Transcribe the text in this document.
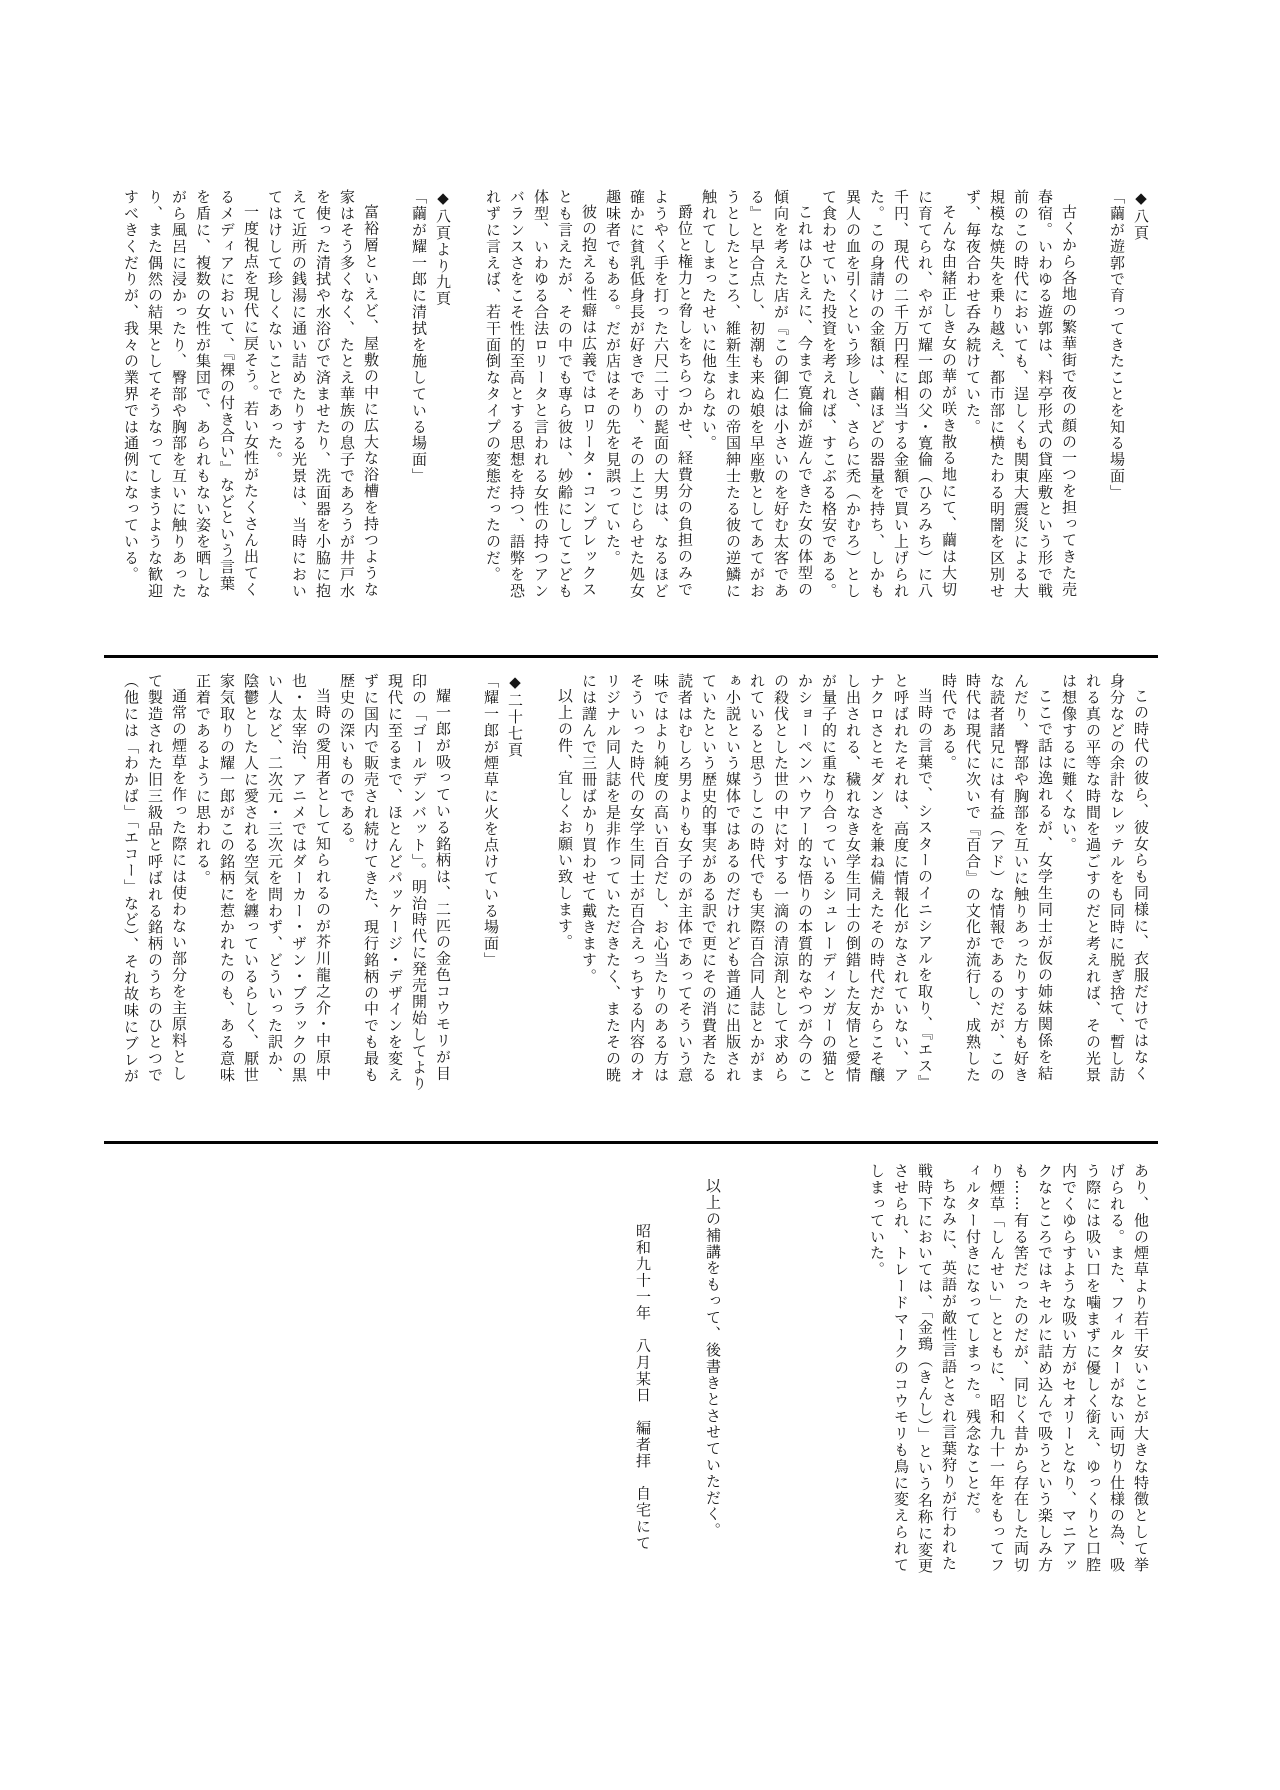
◆八頁
「繭が遊郭で育ってきたことを知る場面」

古くから各地の繁華街で夜の顔の一つを担ってきた売春宿。いわゆる遊郭は、料亭形式の貸座敷という形で戦前のこの時代においても、逞しくも関東大震災による大規模な焼失を乗り越え、都市部に横たわる明闇を区別せず、毎夜合わせ呑み続けていた。

そんな由緒正しき女の華が咲き散る地にて、繭は大切に育てられ、やがて耀一郎の父・寛倫（ひろみち）に八千円、現代の二千万円程に相当する金額で買い上げられた。この身請けの金額は、繭ほどの器量を持ち、しかも異人の血を引くという珍しさ、さらに禿（かむろ）として食わせていた投資を考えれば、すこぶる格安である。

これはひとえに、今まで寛倫が遊んできた女の体型の傾向を考えた店が『この御仁は小さいのを好む太客である』と早合点し、初潮も来ぬ娘を早座敷としてあてがおうとしたところ、維新生まれの帝国紳士たる彼の逆鱗に触れてしまったせいに他ならない。

爵位と権力と脅しをちらつかせ、経費分の負担のみでようやく手を打った六尺二寸の髭面の大男は、なるほど確かに貧乳低身長が好きであり、その上こじらせた処女趣味者でもある。だが店はその先を見誤っていた。

彼の抱える性癖は広義ではロリータ・コンプレックスとも言えたが、その中でも専ら彼は、妙齢にしてこども体型、いわゆる合法ロリータと言われる女性の持つアンバランスさをこそ性的至高とする思想を持つ、語弊を恐れずに言えば、若干面倒なタイプの変態だったのだ。

◆八頁より九頁
「繭が耀一郎に清拭を施している場面」

富裕層といえど、屋敷の中に広大な浴槽を持つような家はそう多くなく、たとえ華族の息子であろうが井戸水を使った清拭や水浴びで済ませたり、洗面器を小脇に抱えて近所の銭湯に通い詰めたりする光景は、当時においてはけして珍しくないことであった。

一度視点を現代に戻そう。若い女性がたくさん出てくるメディアにおいて、『裸の付き合い』などという言葉を盾に、複数の女性が集団で、あられもない姿を晒しながら風呂に浸かったり、臀部や胸部を互いに触りあったり、また偶然の結果としてそうなってしまうような歓迎すべきくだりが、我々の業界では通例になっている。

この時代の彼ら、彼女らも同様に、衣服だけではなく身分などの余計なレッテルをも同時に脱ぎ捨て、暫し訪れる真の平等な時間を過ごすのだと考えれば、その光景は想像するに難くない。

ここで話は逸れるが、女学生同士が仮の姉妹関係を結んだり、臀部や胸部を互いに触りあったりする方も好きな読者諸兄には有益（アド）な情報であるのだが、この時代は現代に次いで『百合』の文化が流行し、成熟した時代である。

当時の言葉で、シスターのイニシアルを取り、『エス』と呼ばれたそれは、高度に情報化がなされていない、アナクロさとモダンさを兼ね備えたその時代だからこそ醸し出される、穢れなき女学生同士の倒錯した友情と愛情が量子的に重なり合っているシュレーディンガーの猫とかショーペンハウアー的な悟りの本質的なやつが今のこの殺伐とした世の中に対する一滴の清涼剤として求められていると思うしこの時代でも実際百合同人誌とかがまぁ小説という媒体ではあるのだけれども普通に出版されていたという歴史的事実がある訳で更にその消費者たる読者はむしろ男よりも女子のが主体であってそういう意味ではより純度の高い百合だし、お心当たりのある方はそういった時代の女学生同士が百合えっちする内容のオリジナル同人誌を是非作っていただきたく、またその暁には謹んで三冊ばかり買わせて戴きます。

以上の件、宜しくお願い致します。

◆二十七頁
「耀一郎が煙草に火を点けている場面」

耀一郎が吸っている銘柄は、二匹の金色コウモリが目印の「ゴールデンバット」。明治時代に発売開始してより現代に至るまで、ほとんどパッケージ・デザインを変えずに国内で販売され続けてきた、現行銘柄の中でも最も歴史の深いものである。

当時の愛用者として知られるのが芥川龍之介・中原中也・太宰治、アニメではダーカー・ザン・ブラックの黒い人など、二次元・三次元を問わず、どういった訳か、陰鬱とした人に愛される空気を纏っているらしく、厭世家気取りの耀一郎がこの銘柄に惹かれたのも、ある意味正着であるように思われる。

通常の煙草を作った際には使わない部分を主原料として製造された旧三級品と呼ばれる銘柄のうちのひとつで（他には「わかば」「エコー」など）、それ故味にブレが

あり、他の煙草より若干安いことが大きな特徴として挙げられる。また、フィルターがない両切り仕様の為、吸う際には吸い口を噛まずに優しく銜え、ゆっくりと口腔内でくゆらすような吸い方がセオリーとなり、マニアックなところではキセルに詰め込んで吸うという楽しみ方も……有る筈だったのだが、同じく昔から存在した両切り煙草「しんせい」とともに、昭和九十一年をもってフィルター付きになってしまった。残念なことだ。

ちなみに、英語が敵性言語とされ言葉狩りが行われた戦時下においては、「金鵄（きんし）」という名称に変更させられ、トレードマークのコウモリも鳥に変えられてしまっていた。

以上の補講をもって、後書きとさせていただく。

昭和九十一年　八月某日　編者拝　自宅にて
